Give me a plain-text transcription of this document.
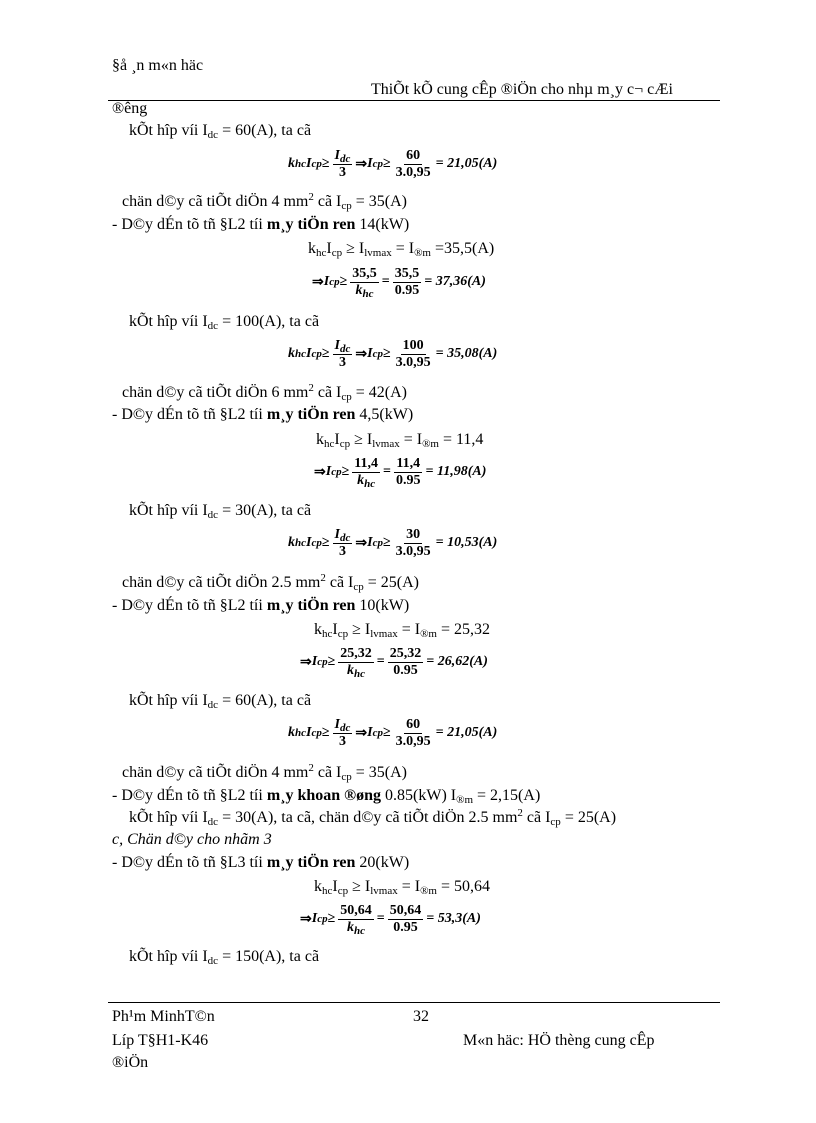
§å ¸n m«n häc
ThiÕt kÕ cung cÊp ®iÖn cho nhµ m¸y c¬ cÆi
®êng
kÕt hîp víi $I_{dc} = 60(A)$, ta cã
k hc I cp ≥ $\frac{I_{dc}}{3}$ ⇒ I cp ≥ $\frac{60}{3.0,95} = 21,05(A)$
chän d©y cã tiÕt diÖn 4 $mm^2$ cã $I_{cp} = 35(A)$
- D©y dÉn tõ tñ §L2 tíi m¸y tiÖn ren 14(kW)
$k_{hc}I_{cp} \ge I_{lvmax} = I_{®m} =35,5(A)$
⇒ I cp ≥ $\frac{35,5}{k_{hc}} = \frac{35,5}{0.95} = 37,36(A)$
kÕt hîp víi $I_{dc} = 100(A)$, ta cã
k hc I cp ≥ $\frac{I_{dc}}{3}$ ⇒ I cp ≥ $\frac{100}{3.0,95} = 35,08(A)$
chän d©y cã tiÕt diÖn 6 $mm^2$ cã $I_{cp} = 42(A)$
- D©y dÉn tõ tñ §L2 tíi m¸y tiÖn ren 4,5(kW)
$k_{hc}I_{cp} \ge I_{lvmax} = I_{®m} = 11,4$
⇒ I cp ≥ $\frac{11,4}{k_{hc}} = \frac{11,4}{0.95} = 11,98(A)$
kÕt hîp víi $I_{dc} = 30(A)$, ta cã
k hc I cp ≥ $\frac{I_{dc}}{3}$ ⇒ I cp ≥ $\frac{30}{3.0,95} = 10,53(A)$
chän d©y cã tiÕt diÖn 2.5 $mm^2$ cã $I_{cp} = 25(A)$
- D©y dÉn tõ tñ §L2 tíi m¸y tiÖn ren 10(kW)
$k_{hc}I_{cp} \ge I_{lvmax} = I_{®m} = 25,32$
⇒ I cp ≥ $\frac{25,32}{k_{hc}} = \frac{25,32}{0.95} = 26,62(A)$
kÕt hîp víi $I_{dc} = 60(A)$, ta cã
k hc I cp ≥ $\frac{I_{dc}}{3}$ ⇒ I cp ≥ $\frac{60}{3.0,95} = 21,05(A)$
chän d©y cã tiÕt diÖn 4 $mm^2$ cã $I_{cp} = 35(A)$
- D©y dÉn tõ tñ §L2 tíi m¸y khoan ®øng 0.85(kW) $I_{®m} = 2,15(A)$
kÕt hîp víi $I_{dc} = 30(A)$, ta cã, chän d©y cã tiÕt diÖn 2.5 $mm^2$ cã $I_{cp} = 25(A)$
c, Chän d©y cho nhãm 3
- D©y dÉn tõ tñ §L3 tíi m¸y tiÖn ren 20(kW)
$k_{hc}I_{cp} \ge I_{lvmax} = I_{®m} = 50,64$
⇒ I cp ≥ $\frac{50,64}{k_{hc}} = \frac{50,64}{0.95} = 53,3(A)$
kÕt hîp víi $I_{dc} = 150(A)$, ta cã
Ph¹m MinhT©n	32
Líp T§H1-K46	M«n häc: HÖ thèng cung cÊp
®iÖn
